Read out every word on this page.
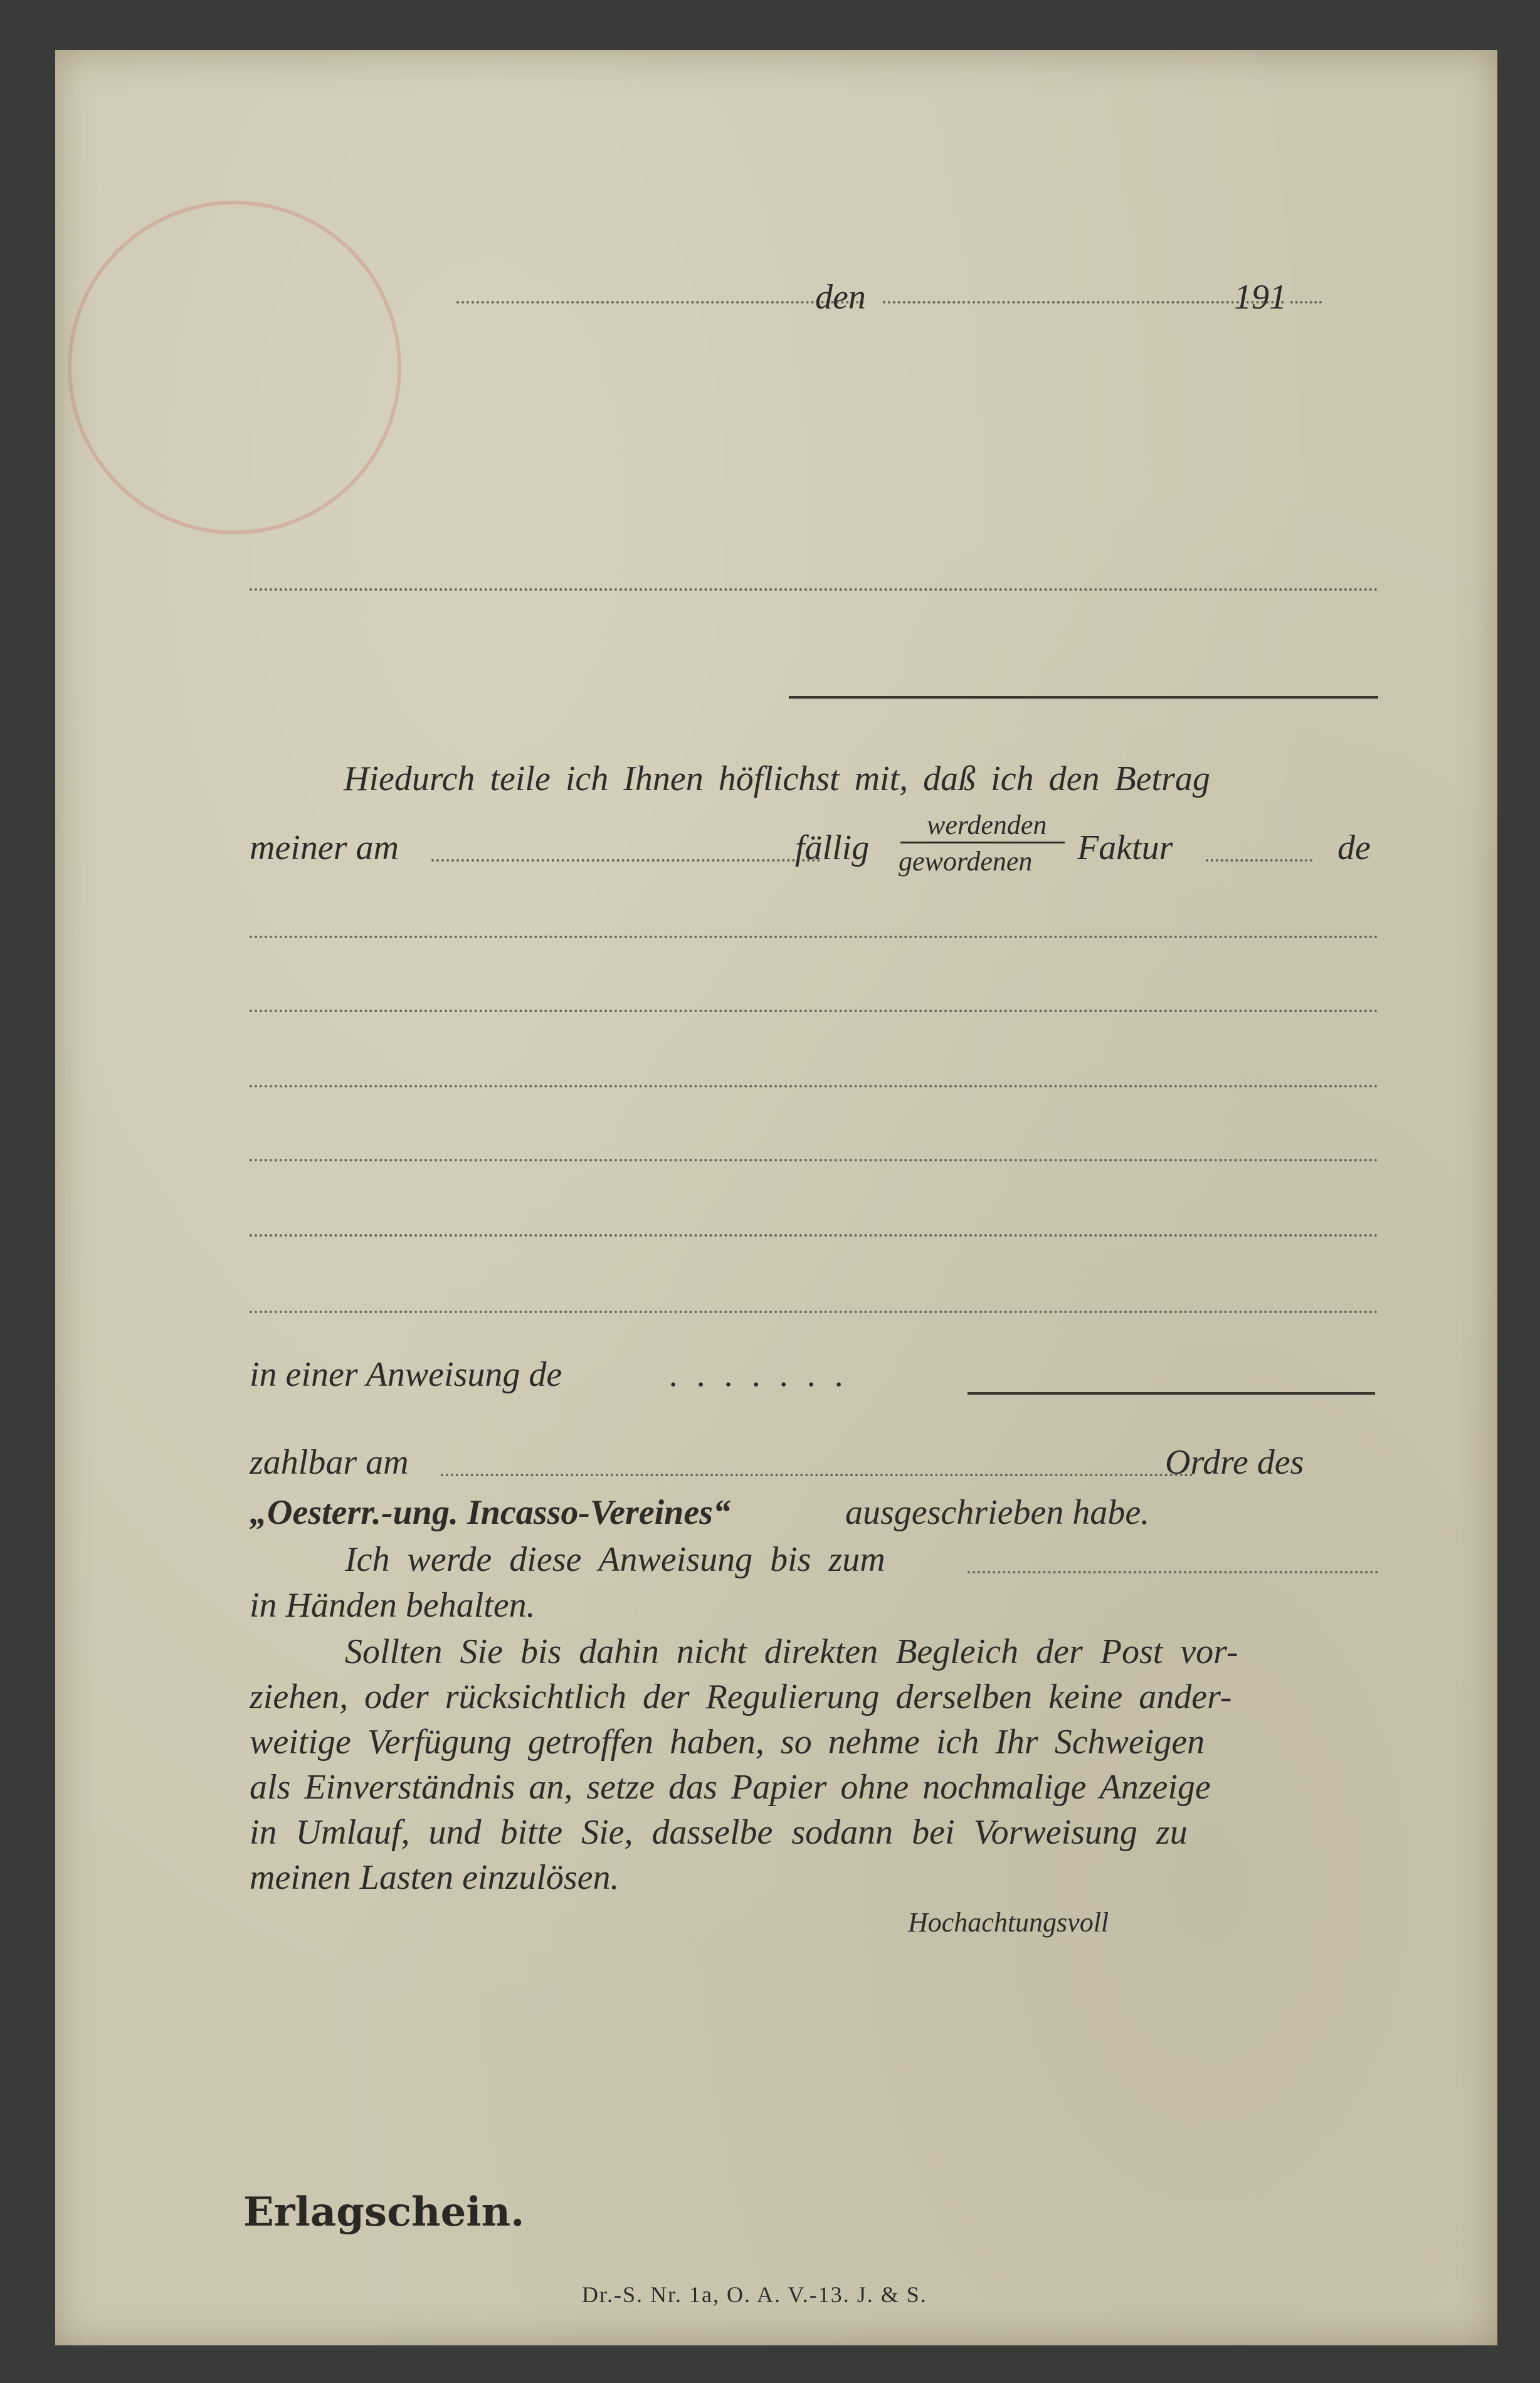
den	191
Hiedurch teile ich Ihnen höflichst mit, daß ich den Betrag
meiner am	fällig
werdenden
gewordenen Faktur	de
in einer Anweisung de	. . . . . . .
zahlbar am	Ordre des
„Oesterr.-ung. Incasso-Vereines“	ausgeschrieben habe.
Ich werde diese Anweisung bis zum
in Händen behalten.
Sollten Sie bis dahin nicht direkten Begleich der Post vor-
ziehen, oder rücksichtlich der Regulierung derselben keine ander-
weitige Verfügung getroffen haben, so nehme ich Ihr Schweigen
als Einverständnis an, setze das Papier ohne nochmalige Anzeige
in Umlauf, und bitte Sie, dasselbe sodann bei Vorweisung zu
meinen Lasten einzulösen.
Hochachtungsvoll
Erlagschein.
Dr.-S. Nr. 1a, O. A. V.-13. J. & S.
